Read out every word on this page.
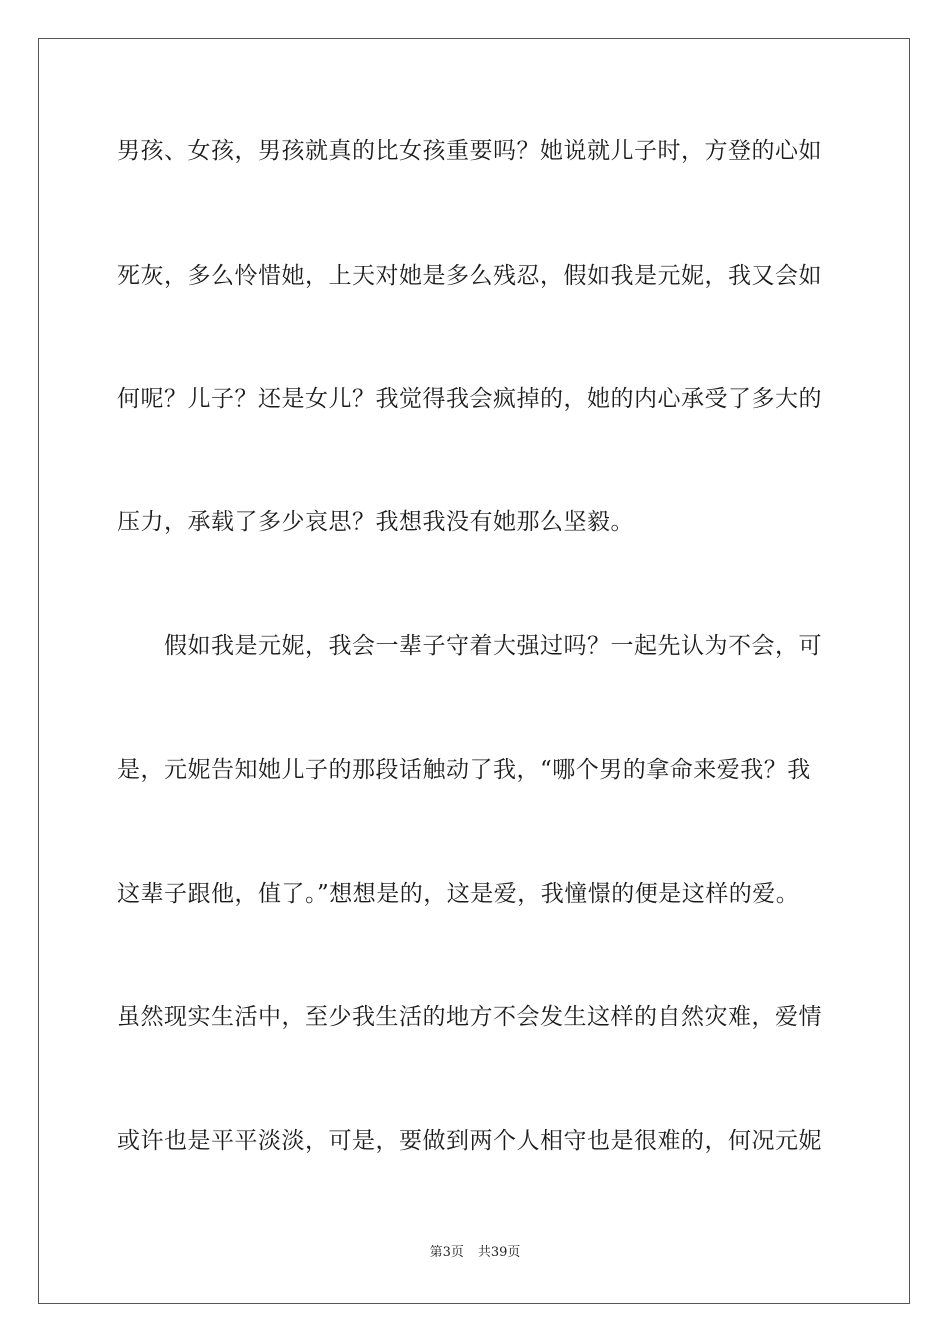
男孩、女孩，男孩就真的比女孩重要吗？她说就儿子时，方登的心如
死灰，多么怜惜她，上天对她是多么残忍，假如我是元妮，我又会如
何呢？儿子？还是女儿？我觉得我会疯掉的，她的内心承受了多大的
压力，承载了多少哀思？我想我没有她那么坚毅。
假如我是元妮，我会一辈子守着大强过吗？一起先认为不会，可
是，元妮告知她儿子的那段话触动了我，“哪个男的拿命来爱我？我
这辈子跟他，值了。”想想是的，这是爱，我憧憬的便是这样的爱。
虽然现实生活中，至少我生活的地方不会发生这样的自然灾难，爱情
或许也是平平淡淡，可是，要做到两个人相守也是很难的，何况元妮
第3页 共39页
